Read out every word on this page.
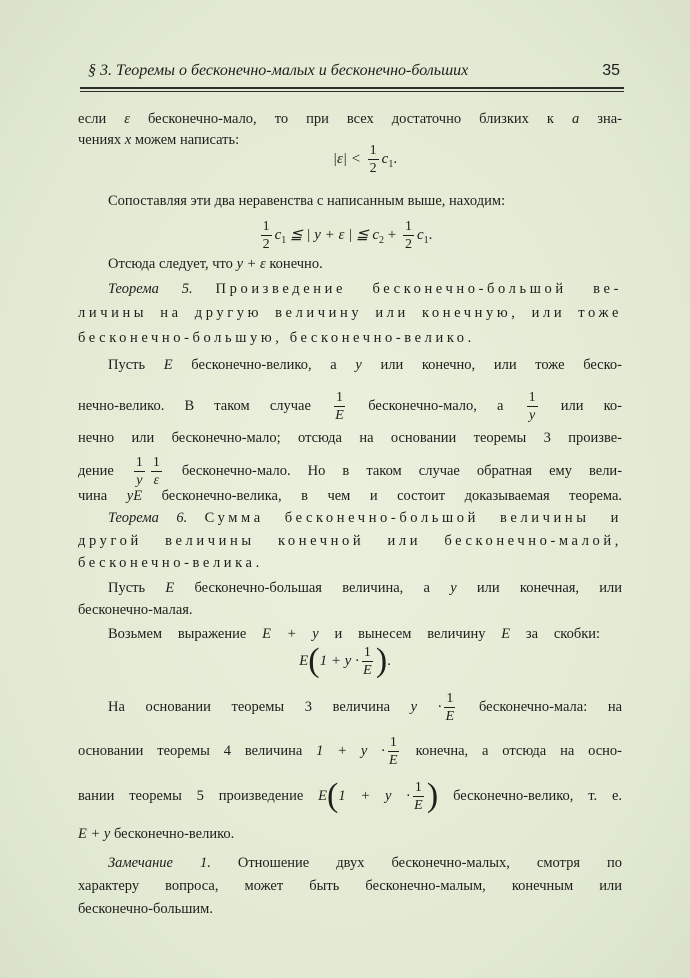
§ 3. Теоремы о бесконечно-малых и бесконечно-больших	35
если ε бесконечно-мало, то при всех достаточно близких к a зна-
чениях x можем написать:
$|\varepsilon| < \frac{1}{2} c_1$.
Сопоставляя эти два неравенства с написанным выше, находим:
$\frac{1}{2} c_1$ ≦ | y + ε | ≦ $c_2 + \frac{1}{2} c_1$.
Отсюда следует, что y + ε конечно.
Теорема 5. Произведение бесконечно-большой ве-
личины на другую величину или конечную, или тоже
бесконечно-большую, бесконечно-велико.
Пусть E бесконечно-велико, а y или конечно, или тоже беско-
нечно-велико. В таком случае $\frac{1}{E}$ бесконечно-мало, а $\frac{1}{y}$ или ко-
нечно или бесконечно-мало; отсюда на основании теоремы 3 произве-
дение $\frac{1}{y} \frac{1}{\varepsilon}$ бесконечно-мало. Но в таком случае обратная ему вели-
чина yE бесконечно-велика, в чем и состоит доказываемая теорема.
Теорема 6. Сумма бесконечно-большой величины и
другой величины конечной или бесконечно-малой,
бесконечно-велика.
Пусть E бесконечно-большая величина, а y или конечная, или
бесконечно-малая.
Возьмем выражение E + y и вынесем величину E за скобки:
$E(1 + y \cdot \frac{1}{E}$ ).
На основании теоремы 3 величина $y \cdot \frac{1}{E}$ бесконечно-мала: на
основании теоремы 4 величина $1 + y \cdot \frac{1}{E}$ конечна, а отсюда на осно-
вании теоремы 5 произведение $E(1 + y \cdot \frac{1}{E}$ ) бесконечно-велико, т. е.
E + y бесконечно-велико.
Замечание 1. Отношение двух бесконечно-малых, смотря по
характеру вопроса, может быть бесконечно-малым, конечным или
бесконечно-большим.
